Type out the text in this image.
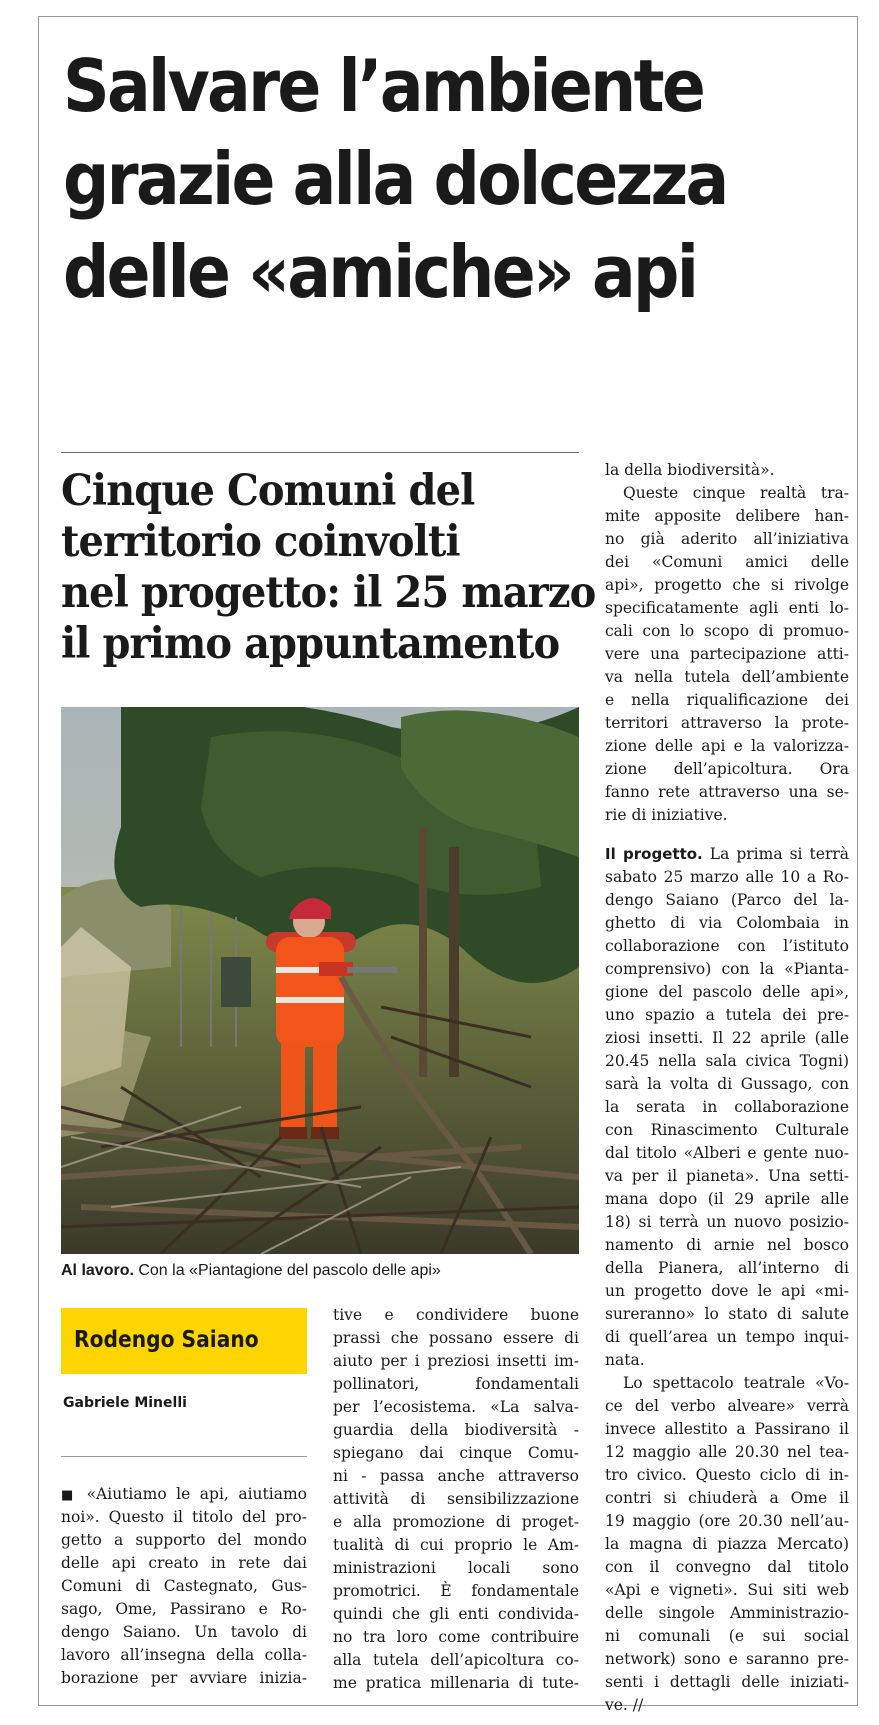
Salvare l’ambiente
grazie alla dolcezza
delle «amiche» api
Cinque Comuni del
territorio coinvolti
nel progetto: il 25 marzo
il primo appuntamento
Al lavoro. Con la «Piantagione del pascolo delle api»
Rodengo Saiano
Gabriele Minelli
■ «Aiutiamo le api, aiutiamo
noi». Questo il titolo del pro-
getto a supporto del mondo
delle api creato in rete dai
Comuni di Castegnato, Gus-
sago, Ome, Passirano e Ro-
dengo Saiano. Un tavolo di
lavoro all’insegna della colla-
borazione per avviare inizia-
tive e condividere buone
prassi che possano essere di
aiuto per i preziosi insetti im-
pollinatori, fondamentali
per l’ecosistema. «La salva-
guardia della biodiversità -
spiegano dai cinque Comu-
ni - passa anche attraverso
attività di sensibilizzazione
e alla promozione di proget-
tualità di cui proprio le Am-
ministrazioni locali sono
promotrici. È fondamentale
quindi che gli enti condivida-
no tra loro come contribuire
alla tutela dell’apicoltura co-
me pratica millenaria di tute-
la della biodiversità».
Queste cinque realtà tra-
mite apposite delibere han-
no già aderito all’iniziativa
dei «Comuni amici delle
api», progetto che si rivolge
specificatamente agli enti lo-
cali con lo scopo di promuo-
vere una partecipazione atti-
va nella tutela dell’ambiente
e nella riqualificazione dei
territori attraverso la prote-
zione delle api e la valorizza-
zione dell’apicoltura. Ora
fanno rete attraverso una se-
rie di iniziative.
Il progetto. La prima si terrà
sabato 25 marzo alle 10 a Ro-
dengo Saiano (Parco del la-
ghetto di via Colombaia in
collaborazione con l’istituto
comprensivo) con la «Pianta-
gione del pascolo delle api»,
uno spazio a tutela dei pre-
ziosi insetti. Il 22 aprile (alle
20.45 nella sala civica Togni)
sarà la volta di Gussago, con
la serata in collaborazione
con Rinascimento Culturale
dal titolo «Alberi e gente nuo-
va per il pianeta». Una setti-
mana dopo (il 29 aprile alle
18) si terrà un nuovo posizio-
namento di arnie nel bosco
della Pianera, all’interno di
un progetto dove le api «mi-
sureranno» lo stato di salute
di quell’area un tempo inqui-
nata.
Lo spettacolo teatrale «Vo-
ce del verbo alveare» verrà
invece allestito a Passirano il
12 maggio alle 20.30 nel tea-
tro civico. Questo ciclo di in-
contri si chiuderà a Ome il
19 maggio (ore 20.30 nell’au-
la magna di piazza Mercato)
con il convegno dal titolo
«Api e vigneti». Sui siti web
delle singole Amministrazio-
ni comunali (e sui social
network) sono e saranno pre-
senti i dettagli delle iniziati-
ve. //
